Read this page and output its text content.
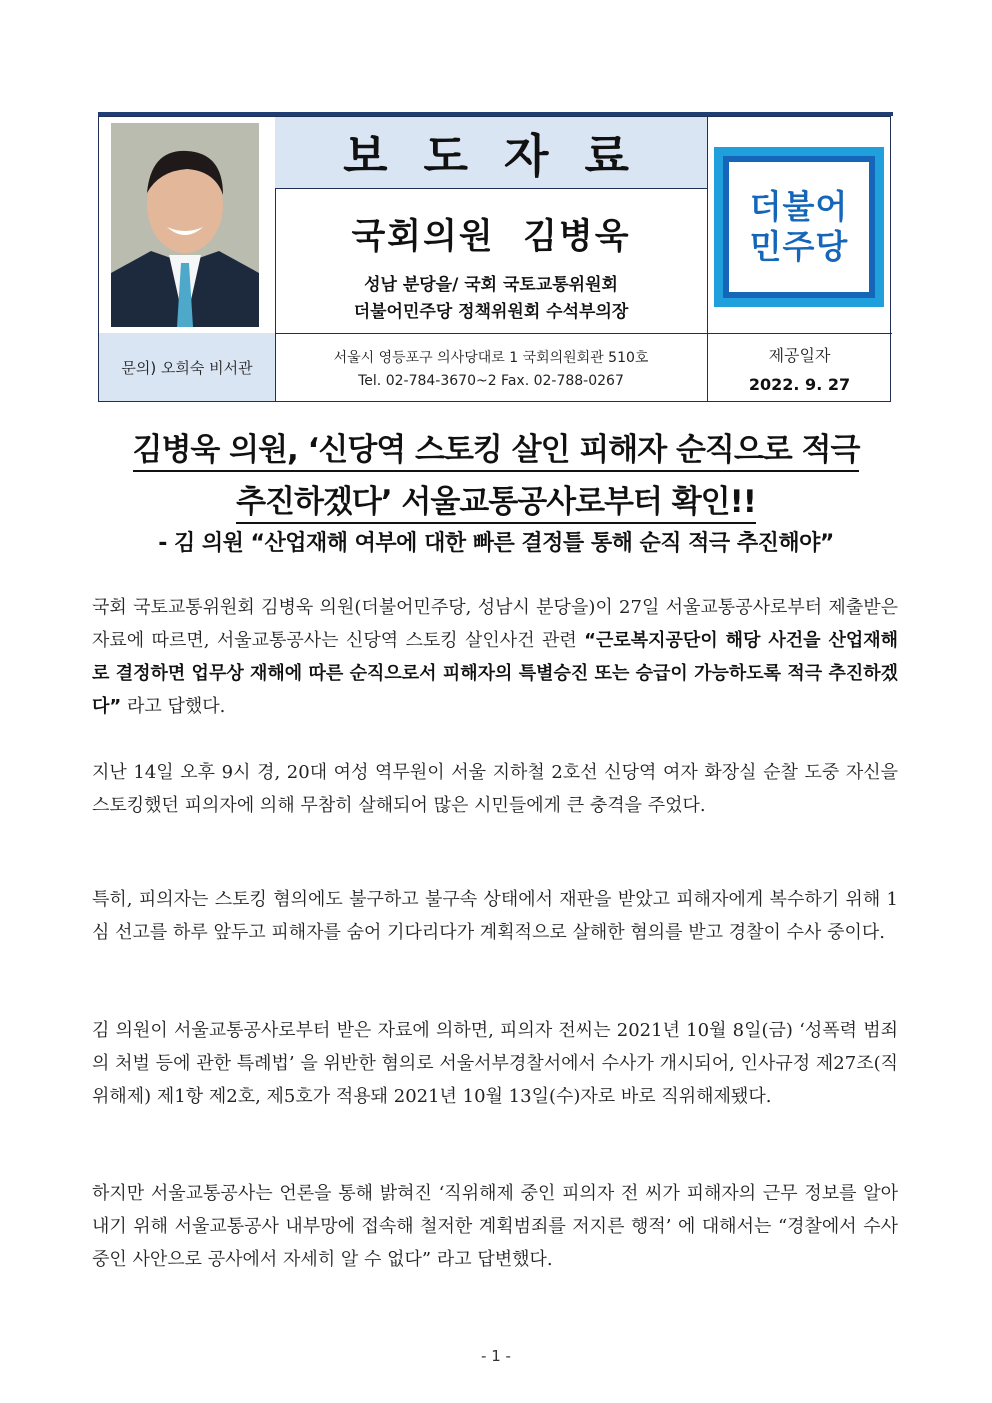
보 도 자 료
국회의원  김병욱
성남 분당을/ 국회 국토교통위원회
더불어민주당 정책위원회 수석부의장
더불어
민주당
문의) 오희숙 비서관
서울시 영등포구 의사당대로 1 국회의원회관 510호
Tel. 02-784-3670~2 Fax. 02-788-0267
제공일자
2022. 9. 27
김병욱 의원, ‘신당역 스토킹 살인 피해자 순직으로 적극
추진하겠다’ 서울교통공사로부터 확인!!
- 김 의원 “산업재해 여부에 대한 빠른 결정틀 통해 순직 적극 추진해야”
국회 국토교통위원회 김병욱 의원(더불어민주당, 성남시 분당을)이 27일 서울교통공사로부터 제출받은 자료에 따르면, 서울교통공사는 신당역 스토킹 살인사건 관련 “근로복지공단이 해당 사건을 산업재해로 결정하면 업무상 재해에 따른 순직으로서 피해자의 특별승진 또는 승급이 가능하도록 적극 추진하겠다” 라고 답했다.
지난 14일 오후 9시 경, 20대 여성 역무원이 서울 지하철 2호선 신당역 여자 화장실 순찰 도중 자신을 스토킹했던 피의자에 의해 무참히 살해되어 많은 시민들에게 큰 충격을 주었다.
특히, 피의자는 스토킹 혐의에도 불구하고 불구속 상태에서 재판을 받았고 피해자에게 복수하기 위해 1심 선고를 하루 앞두고 피해자를 숨어 기다리다가 계획적으로 살해한 혐의를 받고 경찰이 수사 중이다.
김 의원이 서울교통공사로부터 받은 자료에 의하면, 피의자 전씨는 2021년 10월 8일(금) ‘성폭력 범죄의 처벌 등에 관한 특례법’ 을 위반한 혐의로 서울서부경찰서에서 수사가 개시되어, 인사규정 제27조(직위해제) 제1항 제2호, 제5호가 적용돼 2021년 10월 13일(수)자로 바로 직위해제됐다.
하지만 서울교통공사는 언론을 통해 밝혀진 ‘직위해제 중인 피의자 전 씨가 피해자의 근무 정보를 알아내기 위해 서울교통공사 내부망에 접속해 철저한 계획범죄를 저지른 행적’ 에 대해서는 “경찰에서 수사 중인 사안으로 공사에서 자세히 알 수 없다” 라고 답변했다.
- 1 -
